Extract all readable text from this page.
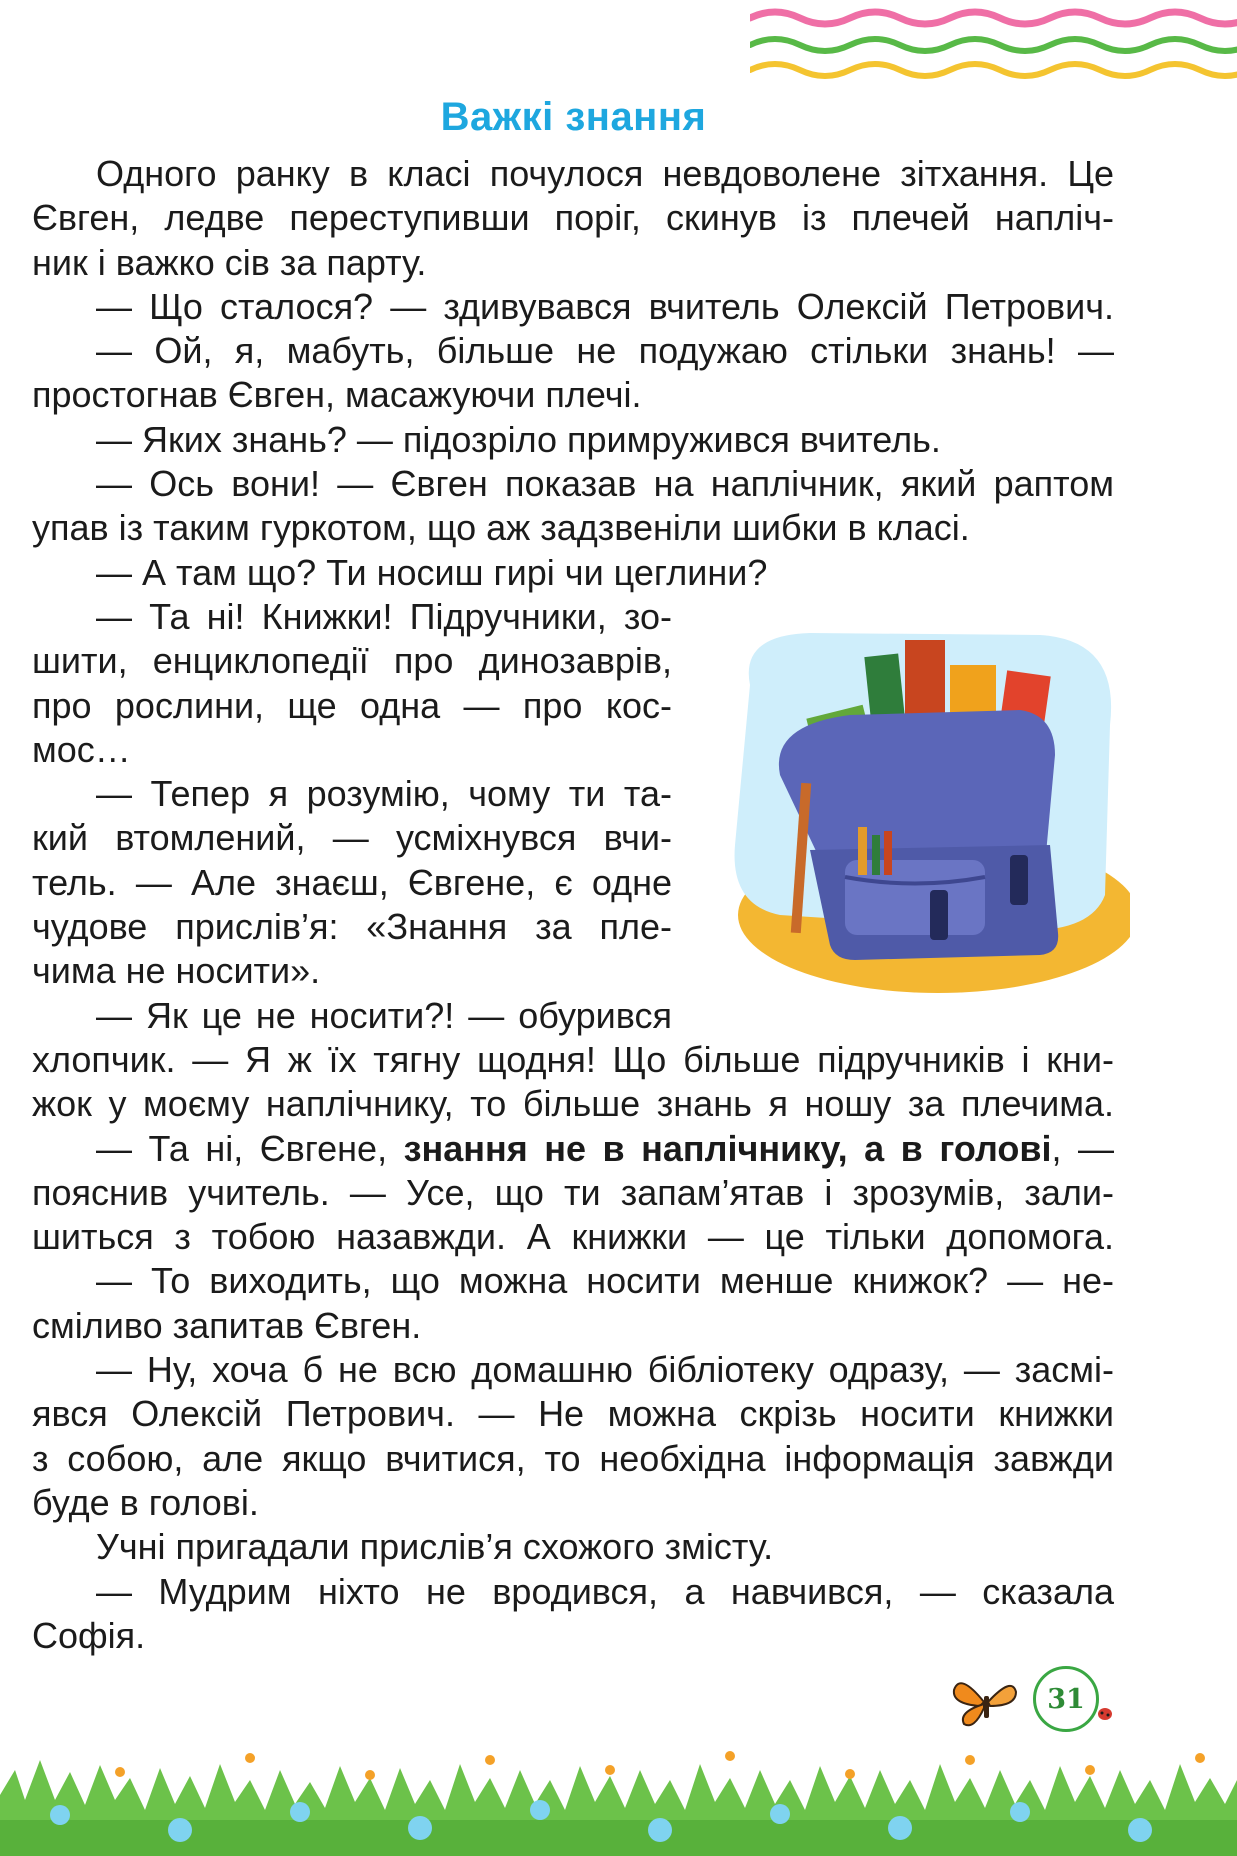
Важкі знання

Одного ранку в класі почулося невдоволене зітхання. Це

Євген, ледве переступивши поріг, скинув із плечей напліч-

ник і важко сів за парту.

— Що сталося? — здивувався вчитель Олексій Петрович.

— Ой, я, мабуть, більше не подужаю стільки знань! —

простогнав Євген, масажуючи плечі.

— Яких знань? — підозріло примружився вчитель.

— Ось вони! — Євген показав на наплічник, який раптом

упав із таким гуркотом, що аж задзвеніли шибки в класі.

— А там що? Ти носиш гирі чи цеглини?

— Та ні! Книжки! Підручники, зо-

шити, енциклопедії про динозаврів,

про рослини, ще одна — про кос-

мос…

— Тепер я розумію, чому ти та-

кий втомлений, — усміхнувся вчи-

тель. — Але знаєш, Євгене, є одне

чудове прислів’я: «Знання за пле-

чима не носити».

— Як це не носити?! — обурився

хлопчик. — Я ж їх тягну щодня! Що більше підручників і кни-

жок у моєму наплічнику, то більше знань я ношу за плечима.

— Та ні, Євгене, знання не в наплічнику, а в голові, —

пояснив учитель. — Усе, що ти запам’ятав і зрозумів, зали-

шиться з тобою назавжди. А книжки — це тільки допомога.

— То виходить, що можна носити менше книжок? — не-

сміливо запитав Євген.

— Ну, хоча б не всю домашню бібліотеку одразу, — засмі-

явся Олексій Петрович. — Не можна скрізь носити книжки

з собою, але якщо вчитися, то необхідна інформація завжди

буде в голові.

Учні пригадали прислів’я схожого змісту.

— Мудрим ніхто не вродився, а навчився, — сказала

Софія.

31
